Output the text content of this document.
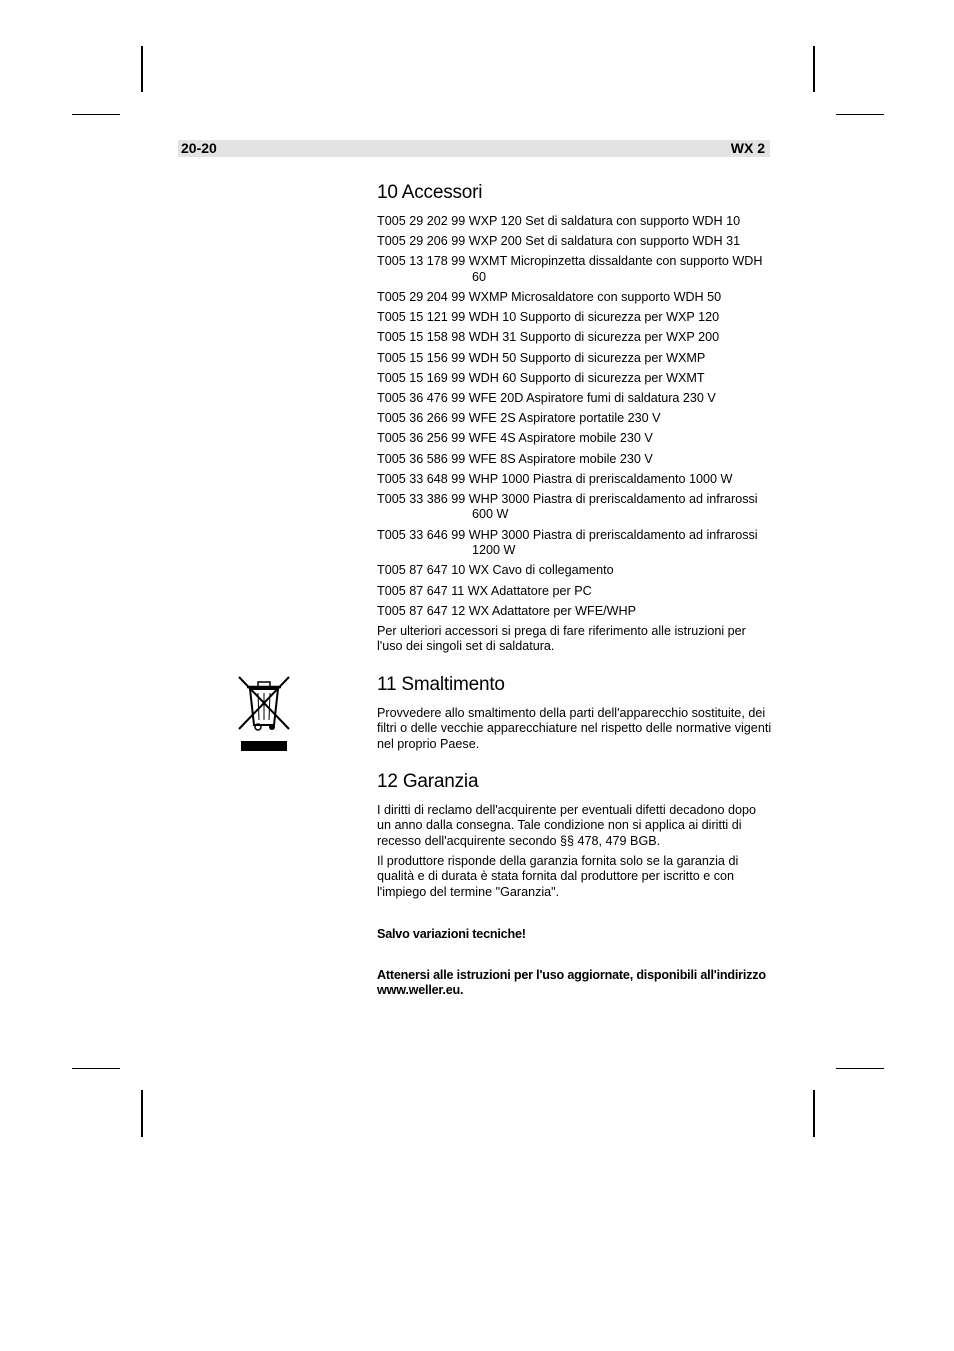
20-20	WX 2
10 Accessori
T005 29 202 99 WXP 120 Set di saldatura con supporto WDH 10
T005 29 206 99 WXP 200 Set di saldatura con supporto WDH 31
T005 13 178 99 WXMT Micropinzetta dissaldante con supporto WDH 60
T005 29 204 99 WXMP Microsaldatore con supporto WDH 50
T005 15 121 99 WDH 10 Supporto di sicurezza per WXP 120
T005 15 158 98 WDH 31 Supporto di sicurezza per WXP 200
T005 15 156 99 WDH 50 Supporto di sicurezza per WXMP
T005 15 169 99 WDH 60 Supporto di sicurezza per WXMT
T005 36 476 99 WFE 20D Aspiratore fumi di saldatura 230 V
T005 36 266 99 WFE 2S Aspiratore portatile 230 V
T005 36 256 99 WFE 4S Aspiratore mobile 230 V
T005 36 586 99 WFE 8S Aspiratore mobile 230 V
T005 33 648 99 WHP 1000 Piastra di preriscaldamento 1000 W
T005 33 386 99 WHP 3000 Piastra di preriscaldamento ad infrarossi 600 W
T005 33 646 99 WHP 3000 Piastra di preriscaldamento ad infrarossi 1200 W
T005 87 647 10 WX Cavo di collegamento
T005 87 647 11 WX Adattatore per PC
T005 87 647 12 WX Adattatore per WFE/WHP

Per ulteriori accessori si prega di fare riferimento alle istruzioni per l'uso dei singoli set di saldatura.

11 Smaltimento

Provvedere allo smaltimento della parti dell'apparecchio sostituite, dei filtri o delle vecchie apparecchiature nel rispetto delle normative vigenti nel proprio Paese.

12 Garanzia

I diritti di reclamo dell'acquirente per eventuali difetti decadono dopo un anno dalla consegna. Tale condizione non si applica ai diritti di recesso dell'acquirente secondo §§ 478, 479 BGB.

Il produttore risponde della garanzia fornita solo se la garanzia di qualità e di durata è stata fornita dal produttore per iscritto e con l'impiego del termine "Garanzia".

Salvo variazioni tecniche!

Attenersi alle istruzioni per l'uso aggiornate, disponibili all'indirizzo www.weller.eu.
